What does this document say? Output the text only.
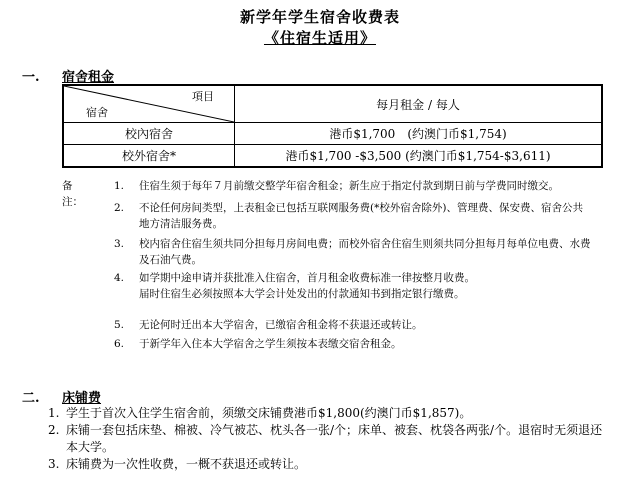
新学年学生宿舍收费表
《住宿生适用》
一. 宿舍租金
項目
宿舍	每月租金 / 每人
校內宿舍	港币$1,700　(约澳门币$1,754)
校外宿舍*	港币$1,700 -$3,500 (约澳门币$1,754-$3,611)
备注：
1. 住宿生须于每年７月前缴交整学年宿舍租金；新生应于指定付款到期日前与学费同时缴交。
2. 不论任何房间类型，上表租金已包括互联网服务费(*校外宿舍除外)、管理费、保安费、宿舍公共
地方清洁服务费。
3. 校内宿舍住宿生须共同分担每月房间电费；而校外宿舍住宿生则须共同分担每月每单位电费、水费
及石油气费。
4. 如学期中途申请并获批准入住宿舍，首月租金收费标准一律按整月收费。
届时住宿生必须按照本大学会计处发出的付款通知书到指定银行缴费。
5. 无论何时迁出本大学宿舍，已缴宿舍租金将不获退还或转让。
6. 于新学年入住本大学宿舍之学生须按本表缴交宿舍租金。
二. 床铺费
1. 学生于首次入住学生宿舍前，须缴交床铺费港币$1,800(约澳门币$1,857)。
2. 床铺一套包括床垫、棉被、冷气被芯、枕头各一张/个；床单、被套、枕袋各两张/个。退宿时无须退还
本大学。
3. 床铺费为一次性收费，一概不获退还或转让。
